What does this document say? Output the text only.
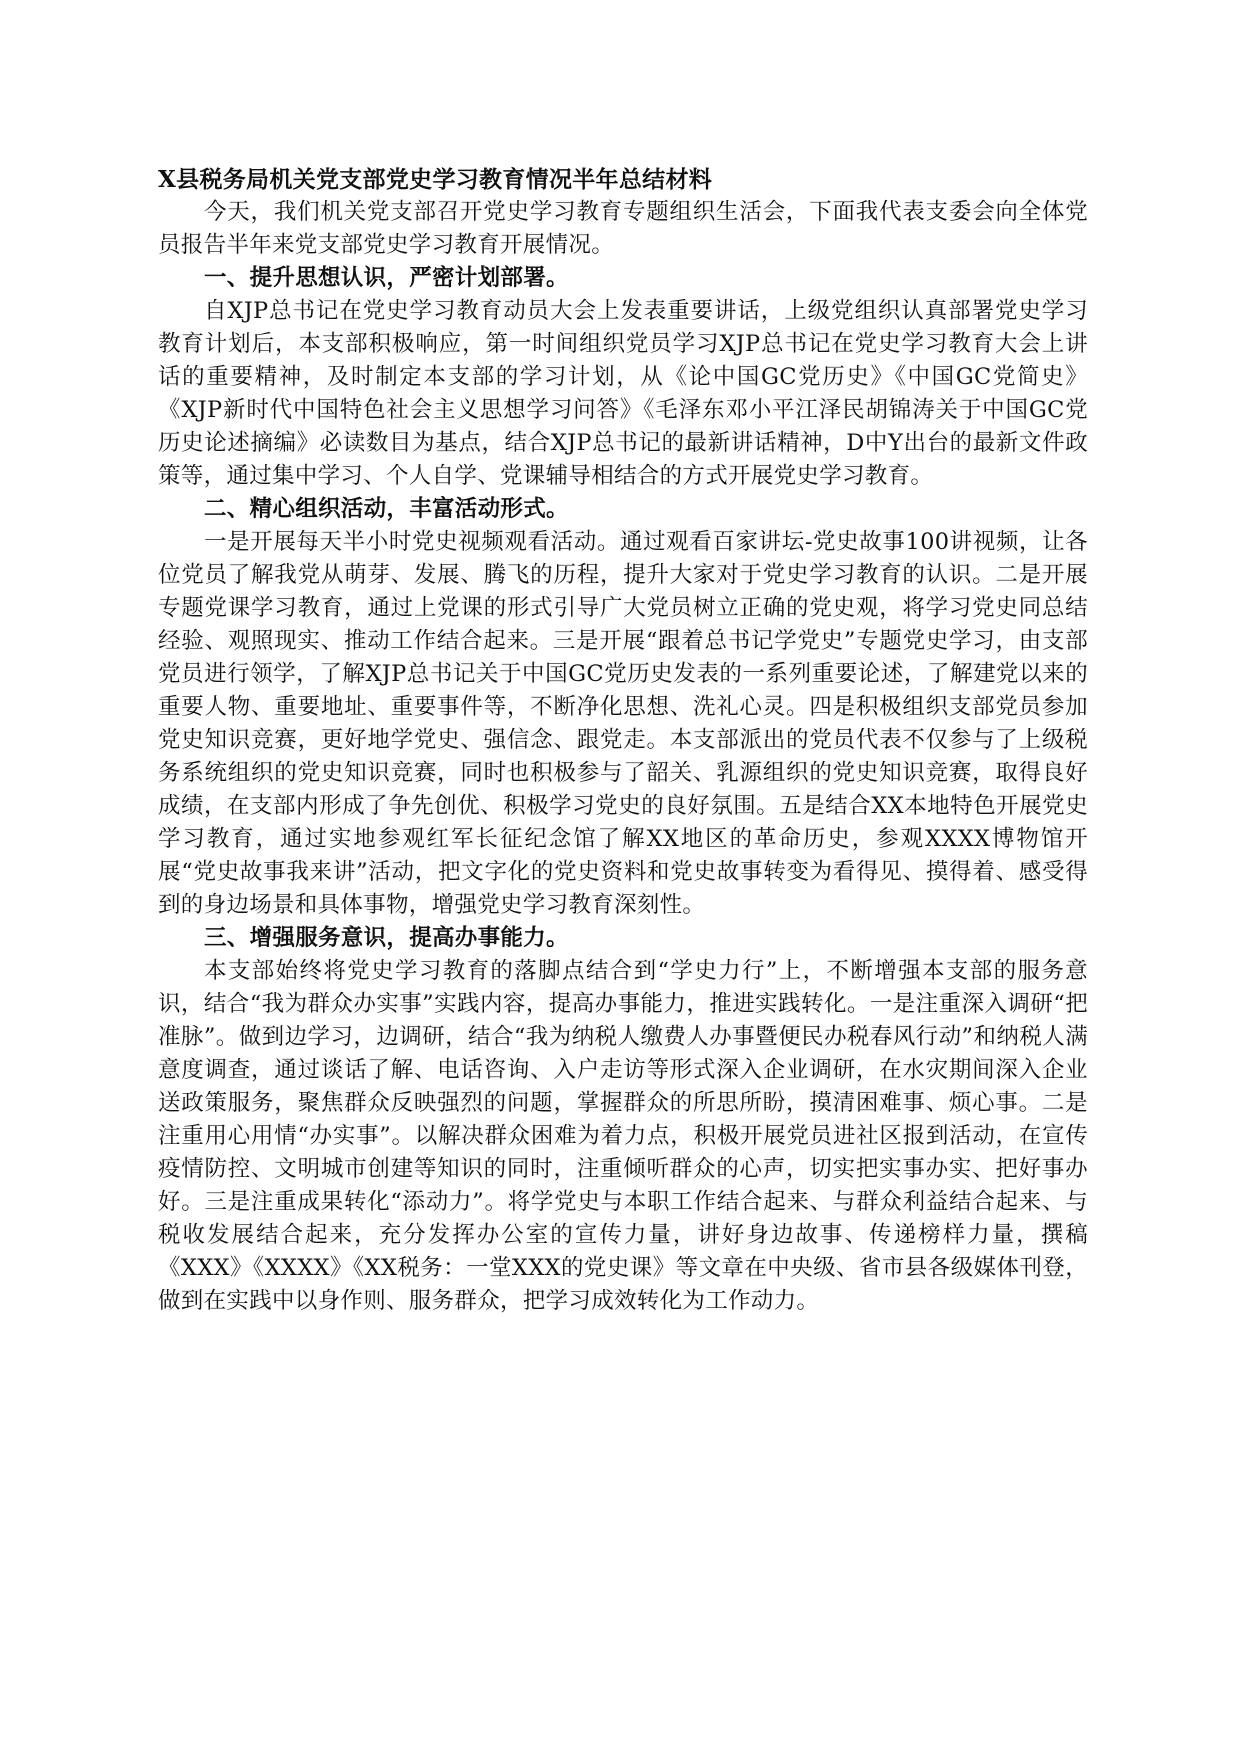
X县税务局机关党支部党史学习教育情况半年总结材料

今天，我们机关党支部召开党史学习教育专题组织生活会，下面我代表支委会向全体党员报告半年来党支部党史学习教育开展情况。

一、提升思想认识，严密计划部署。

自XJP总书记在党史学习教育动员大会上发表重要讲话，上级党组织认真部署党史学习教育计划后，本支部积极响应，第一时间组织党员学习XJP总书记在党史学习教育大会上讲话的重要精神，及时制定本支部的学习计划，从《论中国GC党历史》《中国GC党简史》《XJP新时代中国特色社会主义思想学习问答》《毛泽东邓小平江泽民胡锦涛关于中国GC党历史论述摘编》必读数目为基点，结合XJP总书记的最新讲话精神，D中Y出台的最新文件政策等，通过集中学习、个人自学、党课辅导相结合的方式开展党史学习教育。

二、精心组织活动，丰富活动形式。

一是开展每天半小时党史视频观看活动。通过观看百家讲坛-党史故事100讲视频，让各位党员了解我党从萌芽、发展、腾飞的历程，提升大家对于党史学习教育的认识。二是开展专题党课学习教育，通过上党课的形式引导广大党员树立正确的党史观，将学习党史同总结经验、观照现实、推动工作结合起来。三是开展“跟着总书记学党史”专题党史学习，由支部党员进行领学，了解XJP总书记关于中国GC党历史发表的一系列重要论述，了解建党以来的重要人物、重要地址、重要事件等，不断净化思想、洗礼心灵。四是积极组织支部党员参加党史知识竞赛，更好地学党史、强信念、跟党走。本支部派出的党员代表不仅参与了上级税务系统组织的党史知识竞赛，同时也积极参与了韶关、乳源组织的党史知识竞赛，取得良好成绩，在支部内形成了争先创优、积极学习党史的良好氛围。五是结合XX本地特色开展党史学习教育，通过实地参观红军长征纪念馆了解XX地区的革命历史，参观XXXX博物馆开展“党史故事我来讲”活动，把文字化的党史资料和党史故事转变为看得见、摸得着、感受得到的身边场景和具体事物，增强党史学习教育深刻性。

三、增强服务意识，提高办事能力。

本支部始终将党史学习教育的落脚点结合到“学史力行”上，不断增强本支部的服务意识，结合“我为群众办实事”实践内容，提高办事能力，推进实践转化。一是注重深入调研“把准脉”。做到边学习，边调研，结合“我为纳税人缴费人办事暨便民办税春风行动”和纳税人满意度调查，通过谈话了解、电话咨询、入户走访等形式深入企业调研，在水灾期间深入企业送政策服务，聚焦群众反映强烈的问题，掌握群众的所思所盼，摸清困难事、烦心事。二是注重用心用情“办实事”。以解决群众困难为着力点，积极开展党员进社区报到活动，在宣传疫情防控、文明城市创建等知识的同时，注重倾听群众的心声，切实把实事办实、把好事办好。三是注重成果转化“添动力”。将学党史与本职工作结合起来、与群众利益结合起来、与税收发展结合起来，充分发挥办公室的宣传力量，讲好身边故事、传递榜样力量，撰稿《XXX》《XXXX》《XX税务：一堂XXX的党史课》等文章在中央级、省市县各级媒体刊登，做到在实践中以身作则、服务群众，把学习成效转化为工作动力。
